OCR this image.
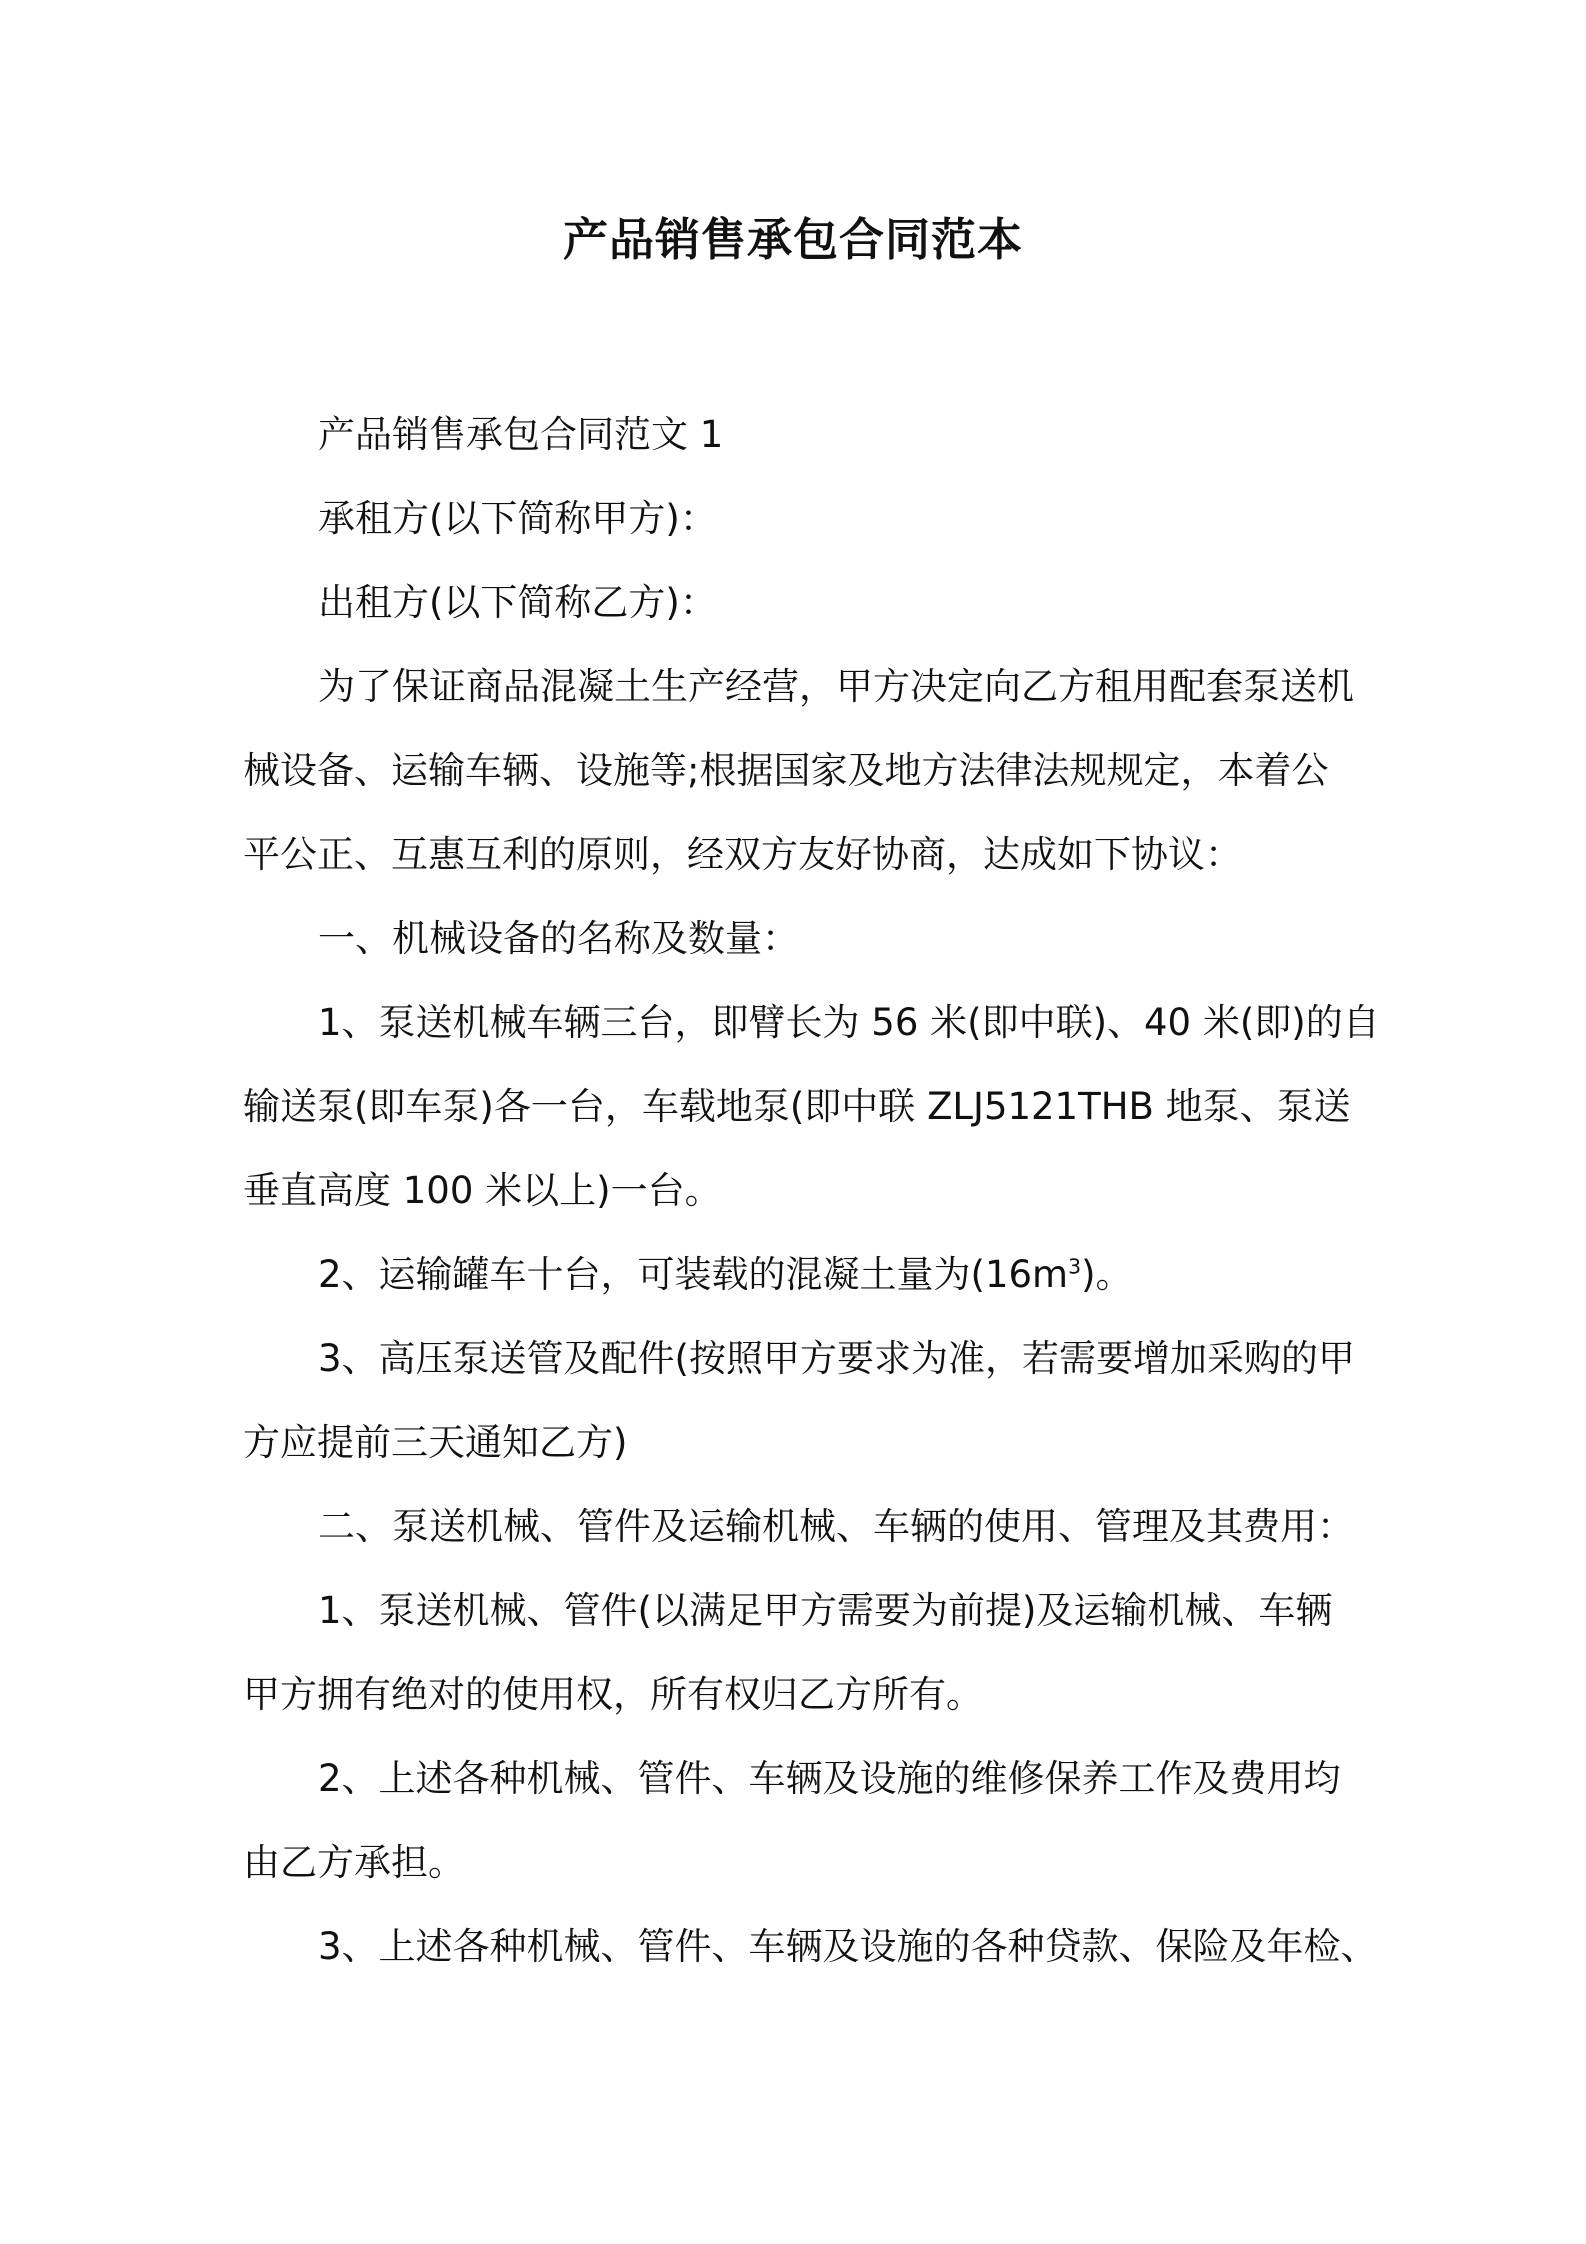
产品销售承包合同范本
产品销售承包合同范文 1
承租方(以下简称甲方)：
出租方(以下简称乙方)：
为了保证商品混凝土生产经营，甲方决定向乙方租用配套泵送机
械设备、运输车辆、设施等;根据国家及地方法律法规规定，本着公
平公正、互惠互利的原则，经双方友好协商，达成如下协议：
一、机械设备的名称及数量：
1、泵送机械车辆三台，即臂长为 56 米(即中联)、40 米(即)的自
输送泵(即车泵)各一台，车载地泵(即中联 ZLJ5121THB 地泵、泵送
垂直高度 100 米以上)一台。
2、运输罐车十台，可装载的混凝土量为$(16m^3)$。
3、高压泵送管及配件(按照甲方要求为准，若需要增加采购的甲
方应提前三天通知乙方)
二、泵送机械、管件及运输机械、车辆的使用、管理及其费用：
1、泵送机械、管件(以满足甲方需要为前提)及运输机械、车辆
甲方拥有绝对的使用权，所有权归乙方所有。
2、上述各种机械、管件、车辆及设施的维修保养工作及费用均
由乙方承担。
3、上述各种机械、管件、车辆及设施的各种贷款、保险及年检、
